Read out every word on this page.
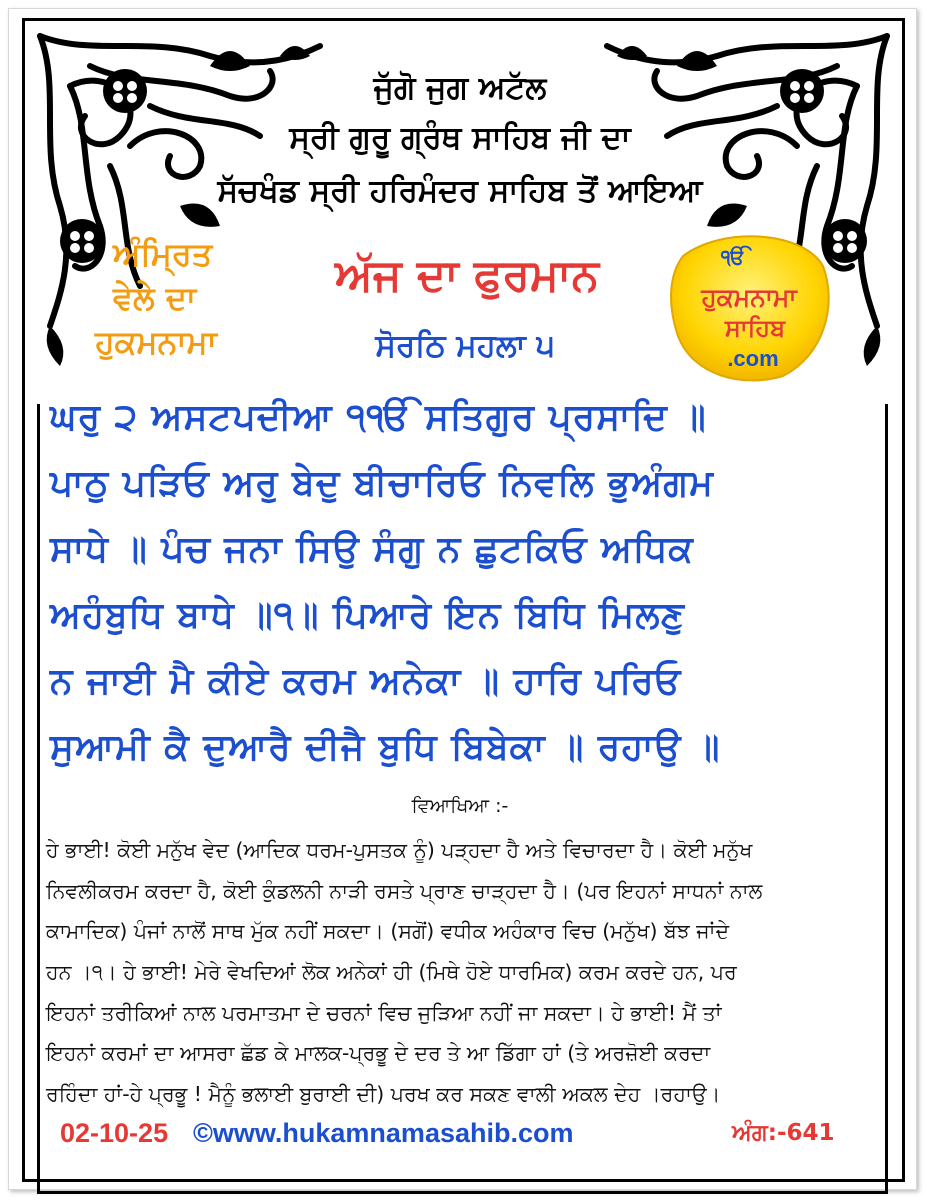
ਜੁੱਗੋ ਜੁਗ ਅਟੱਲ
ਸ੍ਰੀ ਗੁਰੂ ਗ੍ਰੰਥ ਸਾਹਿਬ ਜੀ ਦਾ
ਸੱਚਖੰਡ ਸ੍ਰੀ ਹਰਿਮੰਦਰ ਸਾਹਿਬ ਤੋਂ ਆਇਆ
ਅੰਮ੍ਰਿਤ
ਵੇਲੇ ਦਾ
ਹੁਕਮਨਾਮਾ
ਅੱਜ ਦਾ ਫੁਰਮਾਨ
ਸੋਰਠਿ ਮਹਲਾ ੫
ੴ
ਹੁਕਮਨਾਮਾ
ਸਾਹਿਬ
.com
ਘਰੁ ੨ ਅਸਟਪਦੀਆ ੧ੴ ਸਤਿਗੁਰ ਪ੍ਰਸਾਦਿ ॥
ਪਾਠੁ ਪੜਿਓ ਅਰੁ ਬੇਦੁ ਬੀਚਾਰਿਓ ਨਿਵਲਿ ਭੁਅੰਗਮ
ਸਾਧੇ ॥ ਪੰਚ ਜਨਾ ਸਿਉ ਸੰਗੁ ਨ ਛੁਟਕਿਓ ਅਧਿਕ
ਅਹੰਬੁਧਿ ਬਾਧੇ ॥੧॥ ਪਿਆਰੇ ਇਨ ਬਿਧਿ ਮਿਲਣੁ
ਨ ਜਾਈ ਮੈ ਕੀਏ ਕਰਮ ਅਨੇਕਾ ॥ ਹਾਰਿ ਪਰਿਓ
ਸੁਆਮੀ ਕੈ ਦੁਆਰੈ ਦੀਜੈ ਬੁਧਿ ਬਿਬੇਕਾ ॥ ਰਹਾਉ ॥
ਵਿਆਖਿਆ :-
ਹੇ ਭਾਈ! ਕੋਈ ਮਨੁੱਖ ਵੇਦ (ਆਦਿਕ ਧਰਮ-ਪੁਸਤਕ ਨੂੰ) ਪੜ੍ਹਦਾ ਹੈ ਅਤੇ ਵਿਚਾਰਦਾ ਹੈ। ਕੋਈ ਮਨੁੱਖ
ਨਿਵਲੀਕਰਮ ਕਰਦਾ ਹੈ, ਕੋਈ ਕੁੰਡਲਨੀ ਨਾੜੀ ਰਸਤੇ ਪ੍ਰਾਣ ਚਾੜ੍ਹਦਾ ਹੈ। (ਪਰ ਇਹਨਾਂ ਸਾਧਨਾਂ ਨਾਲ
ਕਾਮਾਦਿਕ) ਪੰਜਾਂ ਨਾਲੋਂ ਸਾਥ ਮੁੱਕ ਨਹੀਂ ਸਕਦਾ। (ਸਗੋਂ) ਵਧੀਕ ਅਹੰਕਾਰ ਵਿਚ (ਮਨੁੱਖ) ਬੱਝ ਜਾਂਦੇ
ਹਨ ।੧। ਹੇ ਭਾਈ! ਮੇਰੇ ਵੇਖਦਿਆਂ ਲੋਕ ਅਨੇਕਾਂ ਹੀ (ਮਿਥੇ ਹੋਏ ਧਾਰਮਿਕ) ਕਰਮ ਕਰਦੇ ਹਨ, ਪਰ
ਇਹਨਾਂ ਤਰੀਕਿਆਂ ਨਾਲ ਪਰਮਾਤਮਾ ਦੇ ਚਰਨਾਂ ਵਿਚ ਜੁੜਿਆ ਨਹੀਂ ਜਾ ਸਕਦਾ। ਹੇ ਭਾਈ! ਮੈਂ ਤਾਂ
ਇਹਨਾਂ ਕਰਮਾਂ ਦਾ ਆਸਰਾ ਛੱਡ ਕੇ ਮਾਲਕ-ਪ੍ਰਭੂ ਦੇ ਦਰ ਤੇ ਆ ਡਿੱਗਾ ਹਾਂ (ਤੇ ਅਰਜ਼ੋਈ ਕਰਦਾ
ਰਹਿੰਦਾ ਹਾਂ-ਹੇ ਪ੍ਰਭੂ ! ਮੈਨੂੰ ਭਲਾਈ ਬੁਰਾਈ ਦੀ) ਪਰਖ ਕਰ ਸਕਣ ਵਾਲੀ ਅਕਲ ਦੇਹ ।ਰਹਾਉ।
02-10-25 ©www.hukamnamasahib.com	ਅੰਗ:-641
